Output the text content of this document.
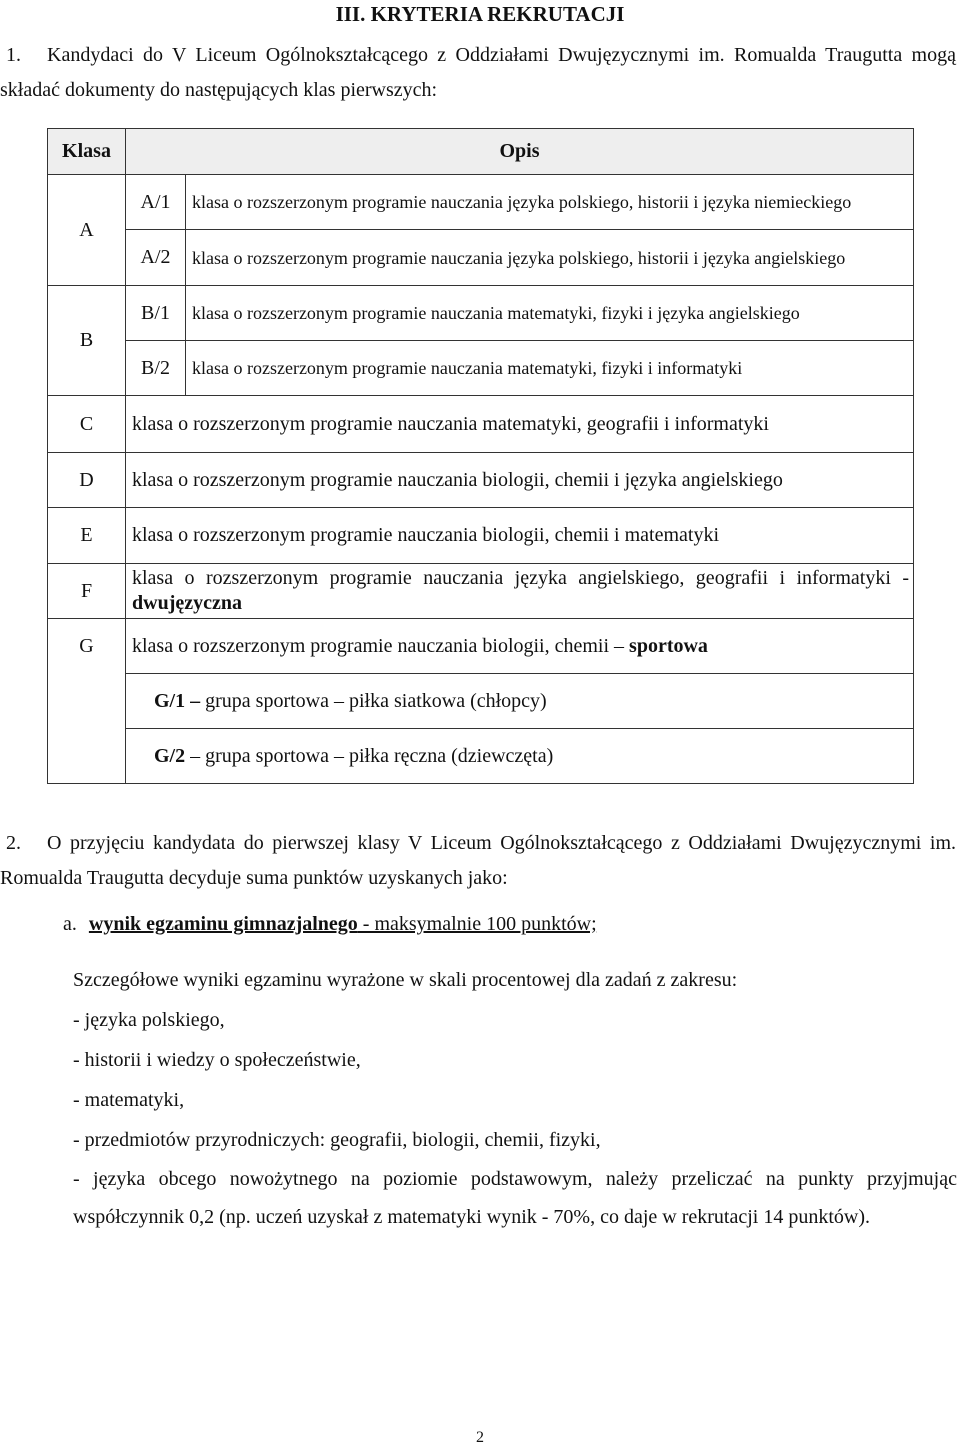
III. KRYTERIA REKRUTACJI
1. Kandydaci do V Liceum Ogólnokształcącego z Oddziałami Dwujęzycznymi im. Romualda Traugutta mogą składać dokumenty do następujących klas pierwszych:
Klasa	Opis	
A	A/1	klasa o rozszerzonym programie nauczania języka polskiego, historii i języka niemieckiego
	A/2	klasa o rozszerzonym programie nauczania języka polskiego, historii i języka angielskiego
B	B/1	klasa o rozszerzonym programie nauczania matematyki, fizyki i języka angielskiego
	B/2	klasa o rozszerzonym programie nauczania matematyki, fizyki i informatyki
C	klasa o rozszerzonym programie nauczania matematyki, geografii i informatyki	
D	klasa o rozszerzonym programie nauczania biologii, chemii i języka angielskiego	
E	klasa o rozszerzonym programie nauczania biologii, chemii i matematyki	
F	klasa o rozszerzonym programie nauczania języka angielskiego, geografii i informatyki - dwujęzyczna	
G	klasa o rozszerzonym programie nauczania biologii, chemii – sportowa	
	G/1 – grupa sportowa – piłka siatkowa (chłopcy)	
	G/2 – grupa sportowa – piłka ręczna (dziewczęta)	
2. O przyjęciu kandydata do pierwszej klasy V Liceum Ogólnokształcącego z Oddziałami Dwujęzycznymi im. Romualda Traugutta decyduje suma punktów uzyskanych jako:
a. wynik egzaminu gimnazjalnego - maksymalnie 100 punktów;
Szczegółowe wyniki egzaminu wyrażone w skali procentowej dla zadań z zakresu:
- języka polskiego,
- historii i wiedzy o społeczeństwie,
- matematyki,
- przedmiotów przyrodniczych: geografii, biologii, chemii, fizyki,
- języka obcego nowożytnego na poziomie podstawowym, należy przeliczać na punkty przyjmując współczynnik 0,2 (np. uczeń uzyskał z matematyki wynik - 70%, co daje w rekrutacji 14 punktów).
2
